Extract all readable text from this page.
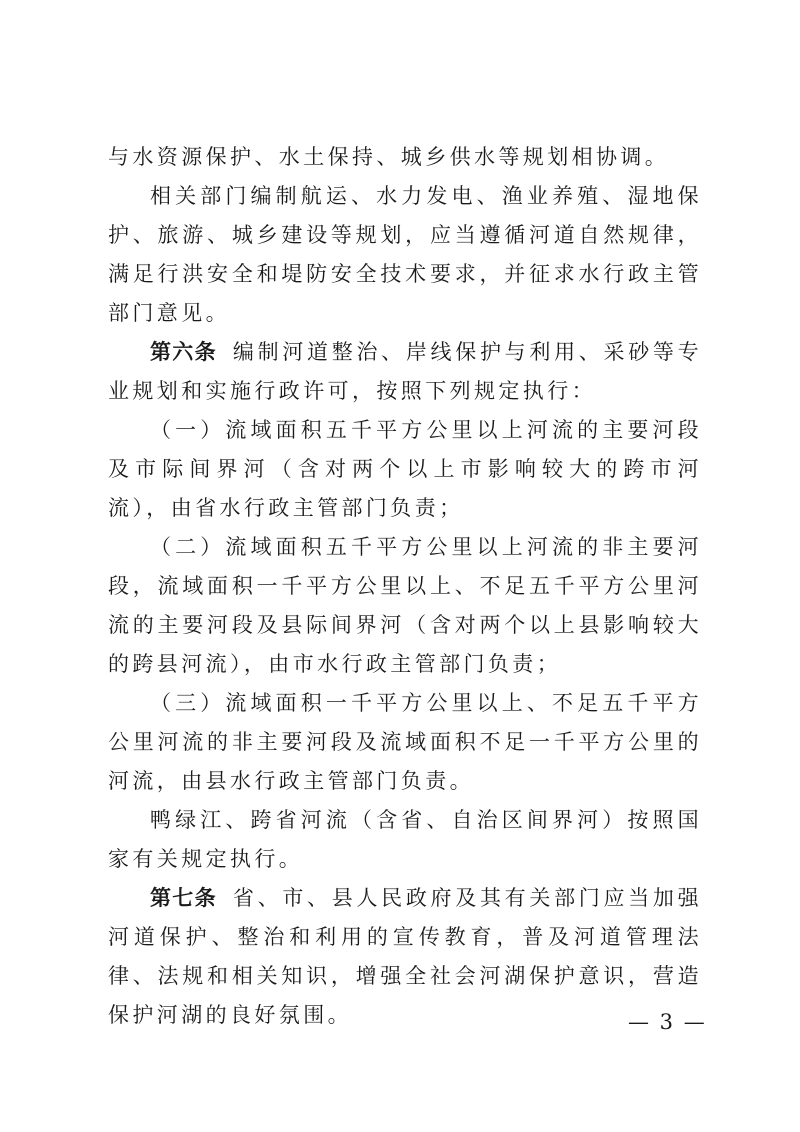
与水资源保护、水土保持、城乡供水等规划相协调。

相关部门编制航运、水力发电、渔业养殖、湿地保护、旅游、城乡建设等规划，应当遵循河道自然规律，满足行洪安全和堤防安全技术要求，并征求水行政主管部门意见。

第六条 编制河道整治、岸线保护与利用、采砂等专业规划和实施行政许可，按照下列规定执行：

（一）流域面积五千平方公里以上河流的主要河段及市际间界河（含对两个以上市影响较大的跨市河流），由省水行政主管部门负责；

（二）流域面积五千平方公里以上河流的非主要河段，流域面积一千平方公里以上、不足五千平方公里河流的主要河段及县际间界河（含对两个以上县影响较大的跨县河流），由市水行政主管部门负责；

（三）流域面积一千平方公里以上、不足五千平方公里河流的非主要河段及流域面积不足一千平方公里的河流，由县水行政主管部门负责。

鸭绿江、跨省河流（含省、自治区间界河）按照国家有关规定执行。

第七条 省、市、县人民政府及其有关部门应当加强河道保护、整治和利用的宣传教育，普及河道管理法律、法规和相关知识，增强全社会河湖保护意识，营造保护河湖的良好氛围。	— 3 —
